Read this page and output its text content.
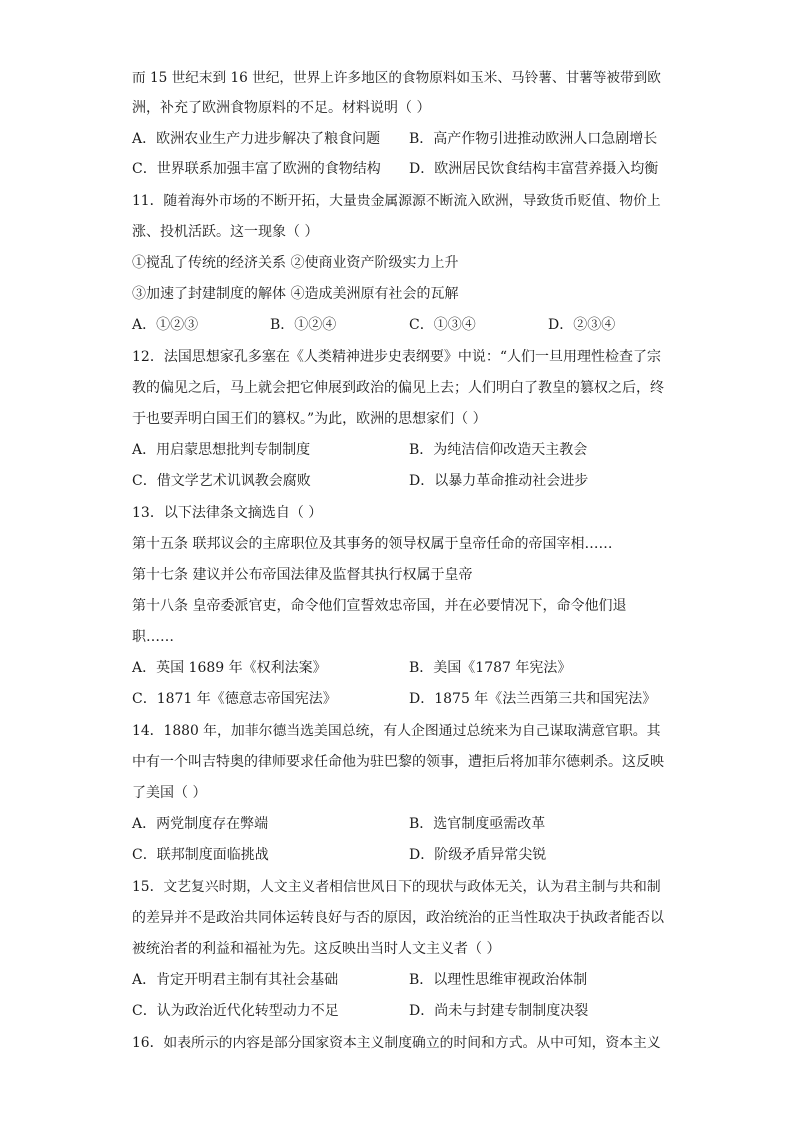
而 15 世纪末到 16 世纪，世界上许多地区的食物原料如玉米、马铃薯、甘薯等被带到欧
洲，补充了欧洲食物原料的不足。材料说明（ ）
A．欧洲农业生产力进步解决了粮食问题 B．高产作物引进推动欧洲人口急剧增长
C．世界联系加强丰富了欧洲的食物结构 D．欧洲居民饮食结构丰富营养摄入均衡
11．随着海外市场的不断开拓，大量贵金属源源不断流入欧洲，导致货币贬值、物价上
涨、投机活跃。这一现象（ ）
①搅乱了传统的经济关系 ②使商业资产阶级实力上升
③加速了封建制度的解体 ④造成美洲原有社会的瓦解
A．①②③	B．①②④	C．①③④	D．②③④
12．法国思想家孔多塞在《人类精神进步史表纲要》中说：“人们一旦用理性检查了宗
教的偏见之后，马上就会把它伸展到政治的偏见上去；人们明白了教皇的篡权之后，终
于也要弄明白国王们的篡权。”为此，欧洲的思想家们（ ）
A．用启蒙思想批判专制制度	B．为纯洁信仰改造天主教会
C．借文学艺术讥讽教会腐败	D．以暴力革命推动社会进步
13．以下法律条文摘选自（ ）
第十五条 联邦议会的主席职位及其事务的领导权属于皇帝任命的帝国宰相……
第十七条 建议并公布帝国法律及监督其执行权属于皇帝
第十八条 皇帝委派官吏，命令他们宣誓效忠帝国，并在必要情况下，命令他们退
职……
A．英国 1689 年《权利法案》	B．美国《1787 年宪法》
C．1871 年《德意志帝国宪法》	D．1875 年《法兰西第三共和国宪法》
14．1880 年，加菲尔德当选美国总统，有人企图通过总统来为自己谋取满意官职。其
中有一个叫吉特奥的律师要求任命他为驻巴黎的领事，遭拒后将加菲尔德刺杀。这反映
了美国（ ）
A．两党制度存在弊端	B．选官制度亟需改革
C．联邦制度面临挑战	D．阶级矛盾异常尖锐
15．文艺复兴时期，人文主义者相信世风日下的现状与政体无关，认为君主制与共和制
的差异并不是政治共同体运转良好与否的原因，政治统治的正当性取决于执政者能否以
被统治者的利益和福祉为先。这反映出当时人文主义者（ ）
A．肯定开明君主制有其社会基础	B．以理性思维审视政治体制
C．认为政治近代化转型动力不足	D．尚未与封建专制制度决裂
16．如表所示的内容是部分国家资本主义制度确立的时间和方式。从中可知，资本主义
